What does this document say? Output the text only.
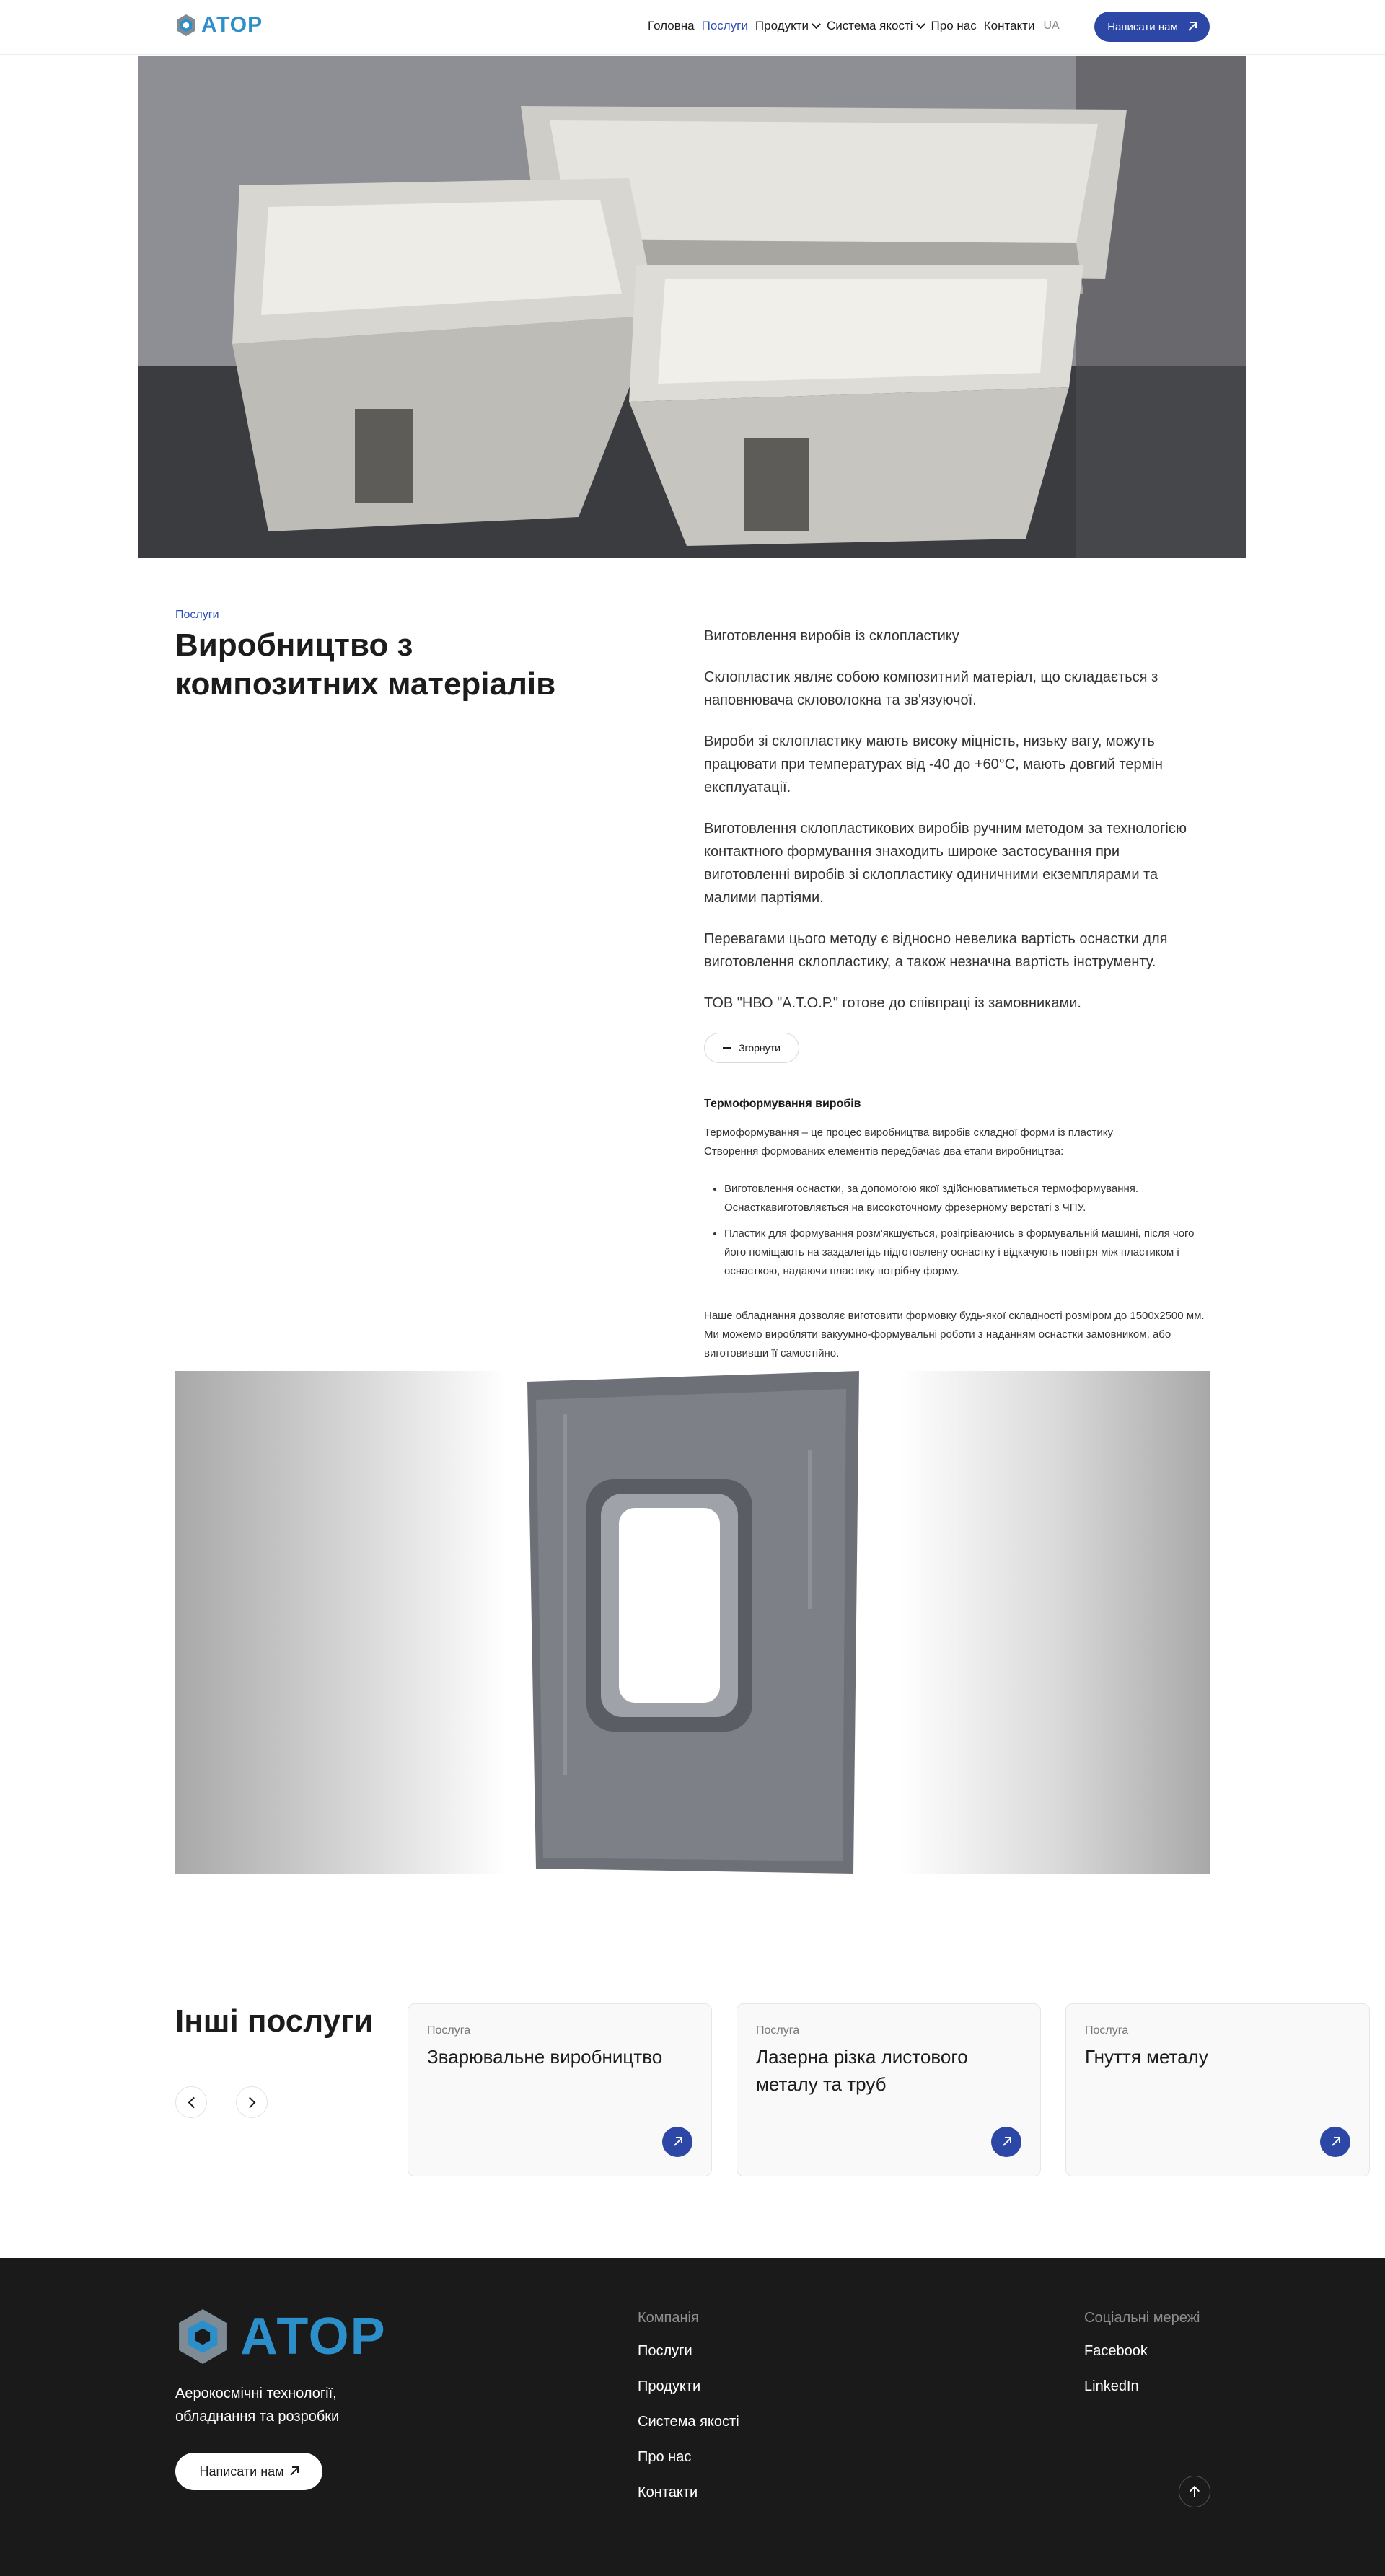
АТОР	Головна Послуги Продукти Система якості Про нас Контакти UA	Написати нам
Послуги
Виробництво з композитних матеріалів

Виготовлення виробів із склопластику

Склопластик являє собою композитний матеріал, що складається з наповнювача скловолокна та зв'язуючої.

Вироби зі склопластику мають високу міцність, низьку вагу, можуть працювати при температурах від -40 до +60°С, мають довгий термін експлуатації.

Виготовлення склопластикових виробів ручним методом за технологією контактного формування знаходить широке застосування при виготовленні виробів зі склопластику одиничними екземплярами та малими партіями.

Перевагами цього методу є відносно невелика вартість оснастки для виготовлення склопластику, а також незначна вартість інструменту.

ТОВ "НВО "А.Т.О.Р." готове до співпраці із замовниками.

Згорнути
Термоформування виробів

Термоформування – це процес виробництва виробів складної форми із пластику

Створення формованих елементів передбачає два етапи виробництва:

• Виготовлення оснастки, за допомогою якої здійснюватиметься термоформування. Оснасткавиготовляється на високоточному фрезерному верстаті з ЧПУ.
• Пластик для формування розм'якшується, розігріваючись в формувальній машині, після чого його поміщають на заздалегідь підготовлену оснастку і відкачують повітря між пластиком і оснасткою, надаючи пластику потрібну форму.

Наше обладнання дозволяє виготовити формовку будь-якої складності розміром до 1500х2500 мм. Ми можемо виробляти вакуумно-формувальні роботи з наданням оснастки замовником, або виготовивши її самостійно.

Інші послуги	Послуга
Зварювальне виробництво
Послуга
Лазерна різка листового металу та труб
Послуга
Гнуття металу
АТОР

Аерокосмічні технології, обладнання та розробки

Написати нам
Компанія
Послуги
Продукти
Система якості
Про нас
Контакти
Соціальні мережі
Facebook
LinkedIn
